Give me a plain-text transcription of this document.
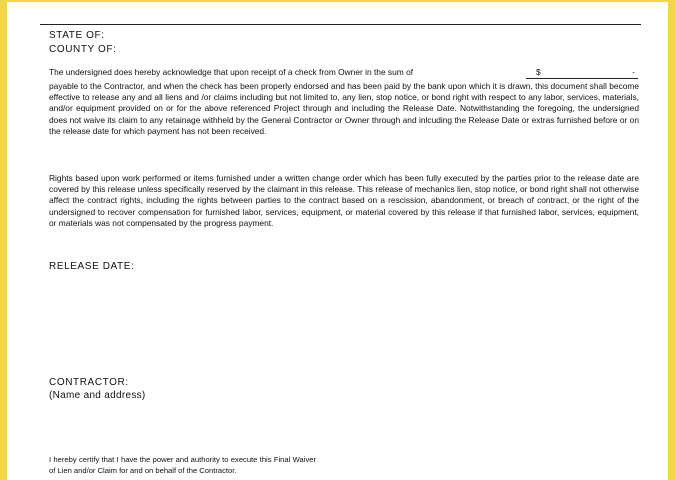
STATE OF:
COUNTY OF:
The undersigned does hereby acknowledge that upon receipt of a check from Owner in the sum of	$	-
payable to the Contractor, and when the check has been properly endorsed and has been paid by the bank upon which it is drawn, this document shall become effective to release any and all liens and /or claims including but not limited to, any lien, stop notice, or bond right with respect to any labor, services, materials, and/or equipment provided on or for the above referenced Project through and including the Release Date. Notwithstanding the foregoing, the undersigned does not waive its claim to any retainage withheld by the General Contractor or Owner through and inlcuding the Release Date or extras furnished before or on the release date for which payment has not been received.
Rights based upon work performed or items furnished under a written change order which has been fully executed by the parties prior to the release date are covered by this release unless specifically reserved by the claimant in this release. This release of mechanics lien, stop notice, or bond right shall not otherwise affect the contract rights, including the rights between parties to the contract based on a rescission, abandonment, or breach of contract, or the right of the undersigned to recover compensation for furnished labor, services, equipment, or material covered by this release if that furnished labor, services, equipment, or materials was not compensated by the progress payment.
RELEASE DATE:
CONTRACTOR:
(Name and address)
I hereby certify that I have the power and authority to execute this Final Waiver of Lien and/or Claim for and on behalf of the Contractor.
